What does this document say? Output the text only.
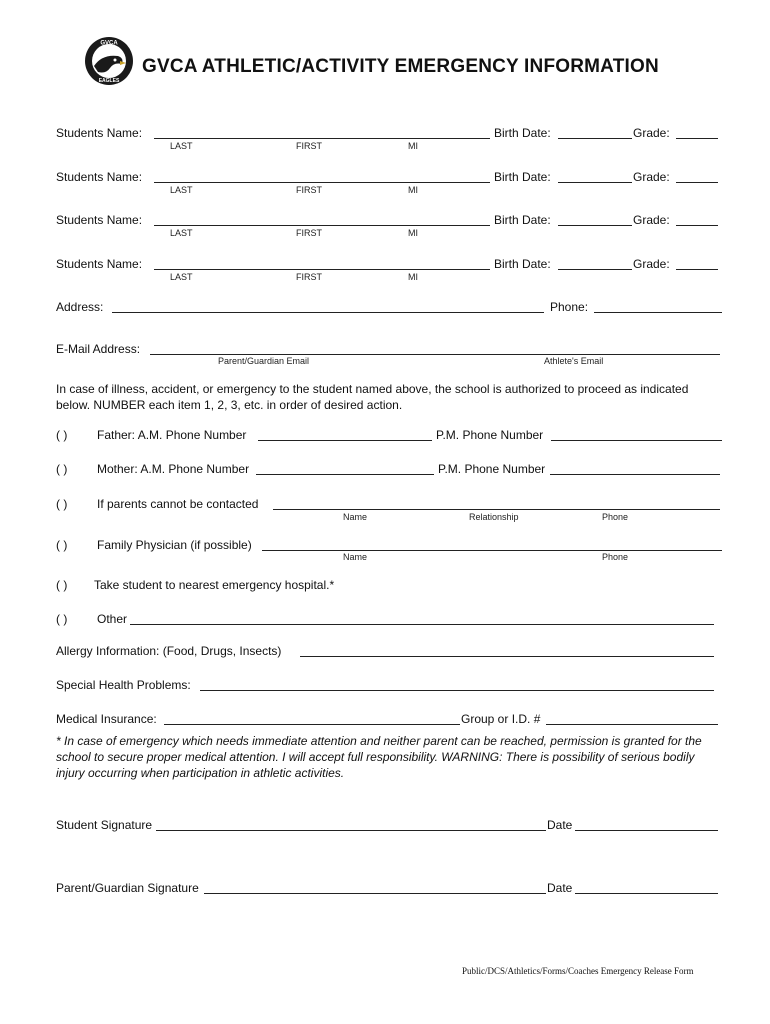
GVCA
EAGLES
GVCA ATHLETIC/ACTIVITY EMERGENCY INFORMATION
Students Name:
LAST	FIRST	MI
Birth Date:	Grade:
Students Name:
LAST	FIRST	MI
Birth Date:	Grade:
Students Name:
LAST	FIRST	MI
Birth Date:	Grade:
Students Name:
LAST	FIRST	MI
Birth Date:	Grade:
Address:	Phone:
E-Mail Address:
Parent/Guardian Email	Athlete's Email
In case of illness, accident, or emergency to the student named above, the school is authorized to proceed as indicated below. NUMBER each item 1, 2, 3, etc. in order of desired action.
( ) Father: A.M. Phone Number	P.M. Phone Number
( ) Mother: A.M. Phone Number	P.M. Phone Number
( ) If parents cannot be contacted
Name	Relationship	Phone
( ) Family Physician (if possible)
Name	Phone
( ) Take student to nearest emergency hospital.*
( ) Other
Allergy Information: (Food, Drugs, Insects)
Special Health Problems:
Medical Insurance:	Group or I.D. #
* In case of emergency which needs immediate attention and neither parent can be reached, permission is granted for the school to secure proper medical attention. I will accept full responsibility. WARNING: There is possibility of serious bodily injury occurring when participation in athletic activities.
Student Signature	Date
Parent/Guardian Signature	Date
Public/DCS/Athletics/Forms/Coaches Emergency Release Form
